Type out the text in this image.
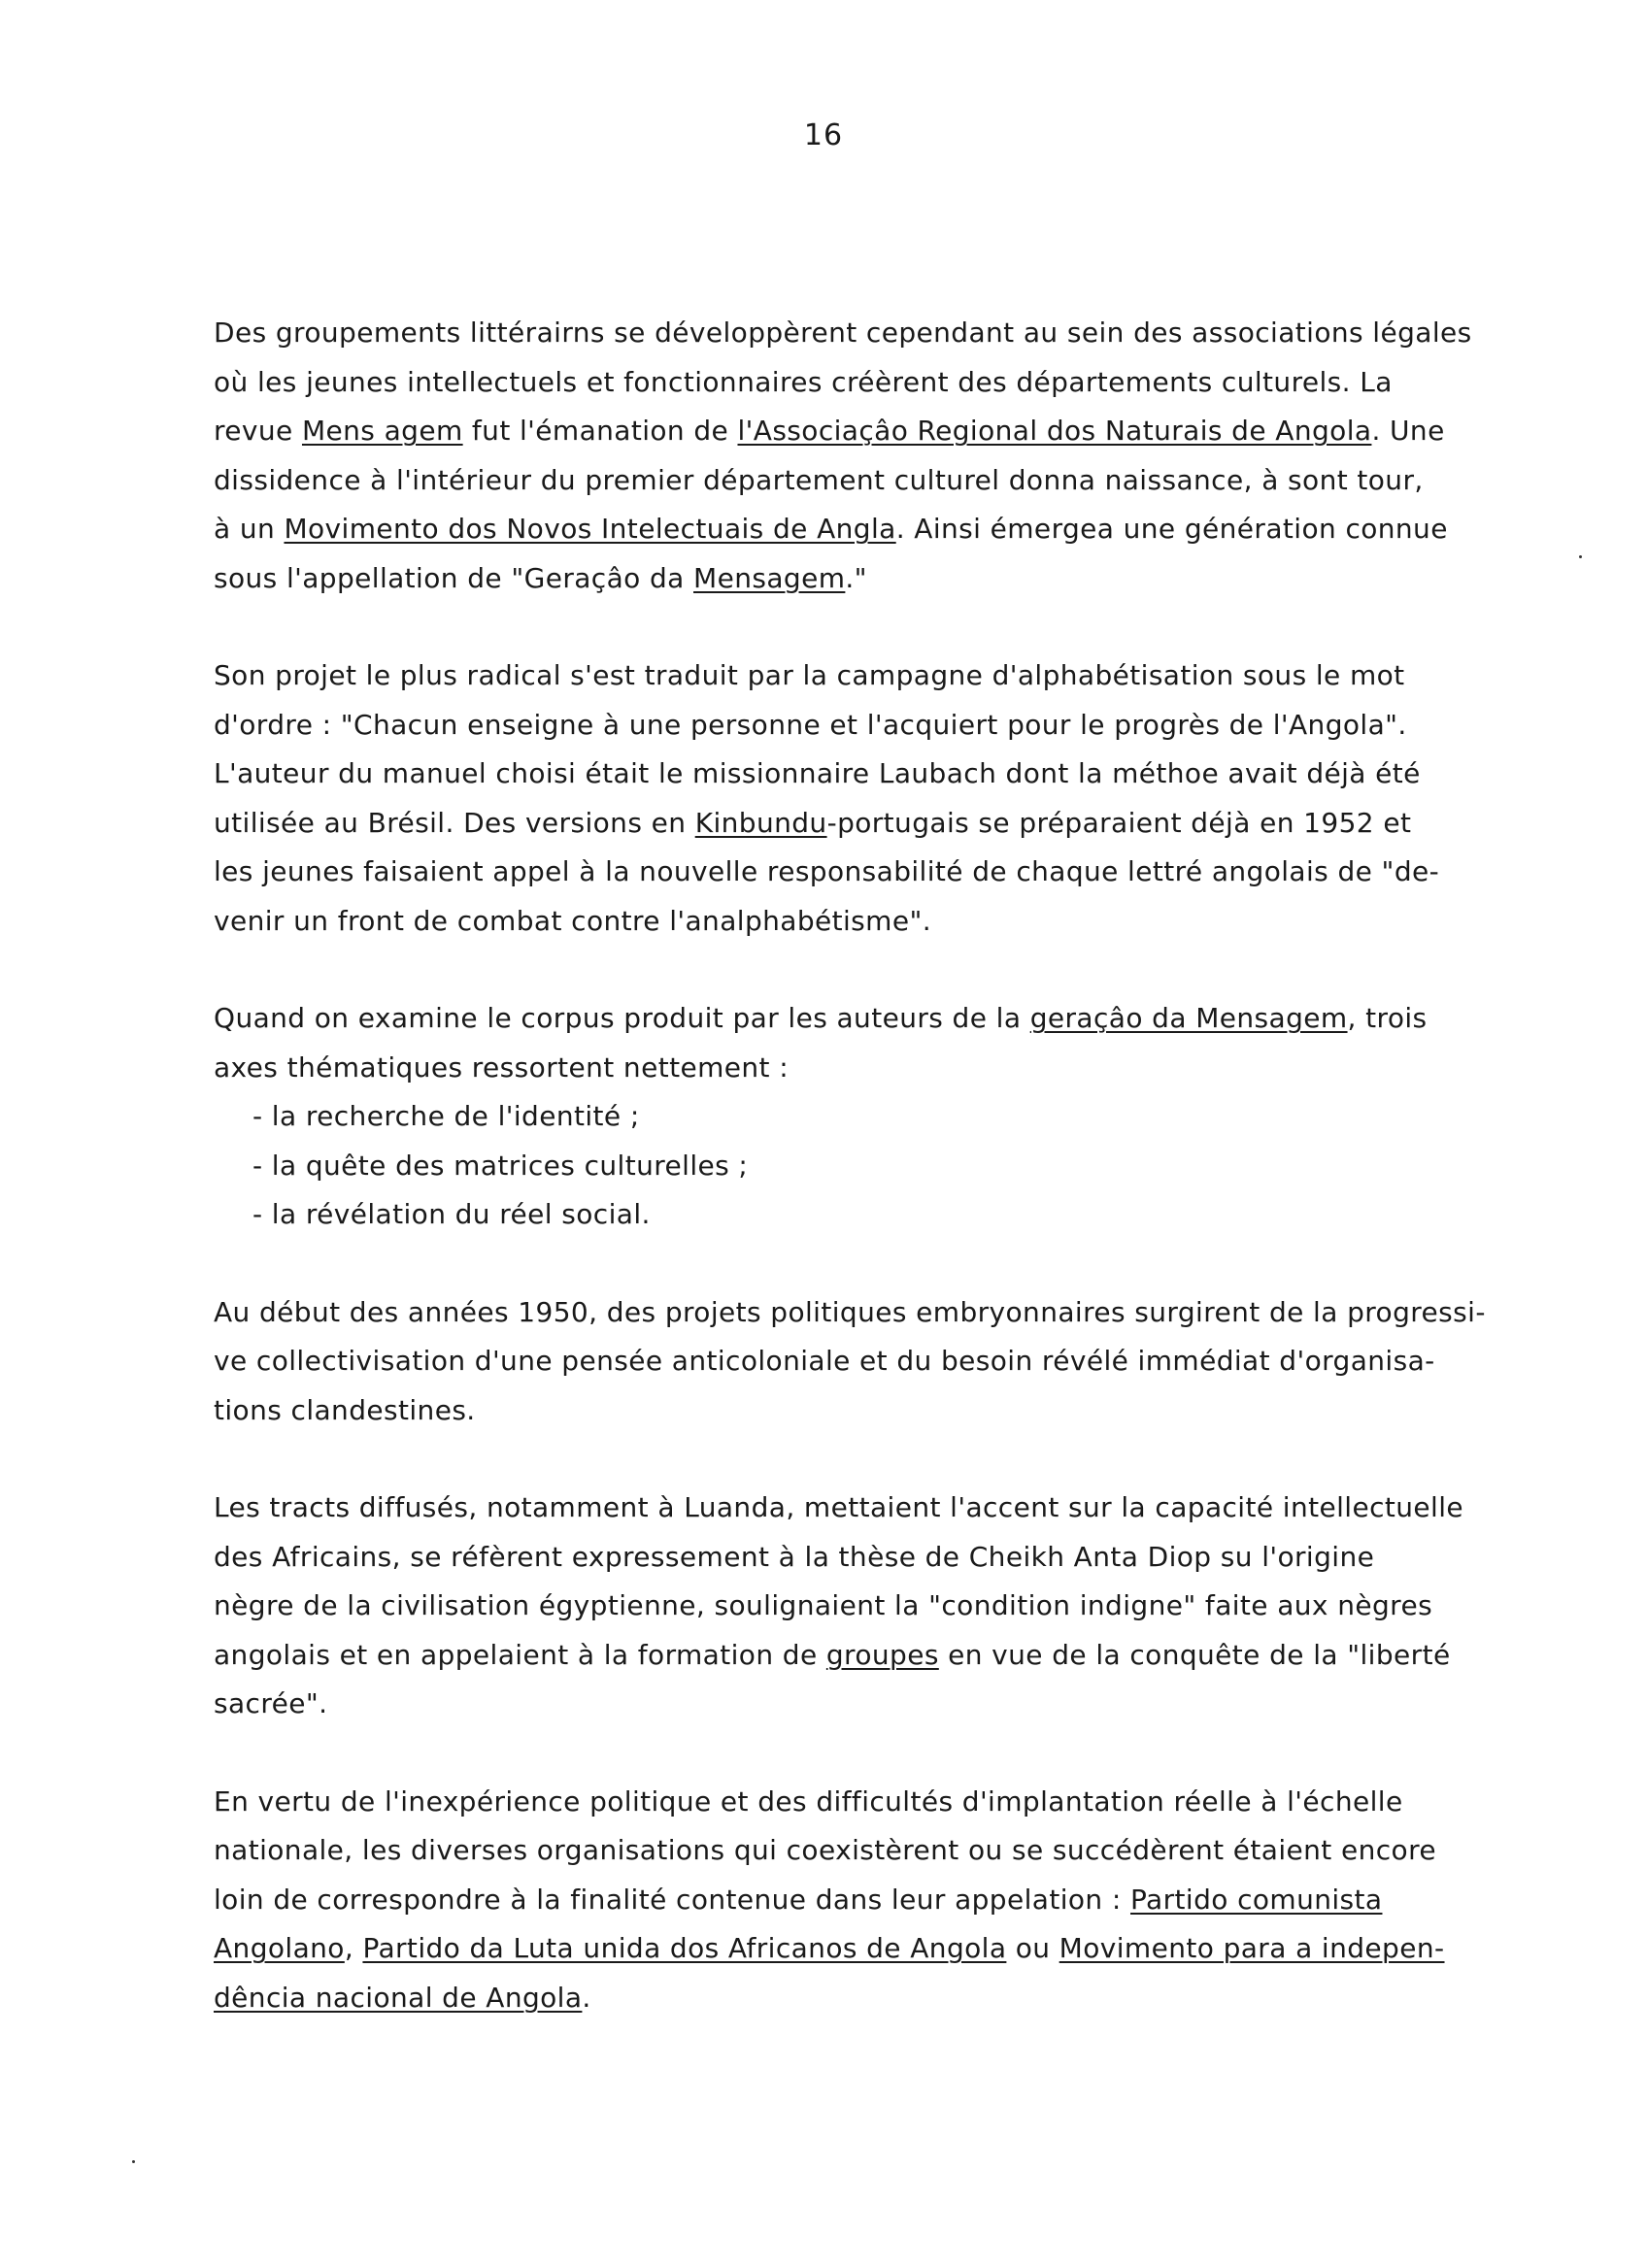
16
Des groupements littérairns se développèrent cependant au sein des associations légales
où les jeunes intellectuels et fonctionnaires créèrent des départements culturels. La
revue Mens agem fut l'émanation de l'Associaçâo Regional dos Naturais de Angola. Une
dissidence à l'intérieur du premier département culturel donna naissance, à sont tour,
à un Movimento dos Novos Intelectuais de Angla. Ainsi émergea une génération connue
sous l'appellation de "Geraçâo da Mensagem."
Son projet le plus radical s'est traduit par la campagne d'alphabétisation sous le mot
d'ordre : "Chacun enseigne à une personne et l'acquiert pour le progrès de l'Angola".
L'auteur du manuel choisi était le missionnaire Laubach dont la méthoe avait déjà été
utilisée au Brésil. Des versions en Kinbundu-portugais se préparaient déjà en 1952 et
les jeunes faisaient appel à la nouvelle responsabilité de chaque lettré angolais de "de-
venir un front de combat contre l'analphabétisme".
Quand on examine le corpus produit par les auteurs de la geraçâo da Mensagem, trois
axes thématiques ressortent nettement :
- la recherche de l'identité ;
- la quête des matrices culturelles ;
- la révélation du réel social.
Au début des années 1950, des projets politiques embryonnaires surgirent de la progressi-
ve collectivisation d'une pensée anticoloniale et du besoin révélé immédiat d'organisa-
tions clandestines.
Les tracts diffusés, notamment à Luanda, mettaient l'accent sur la capacité intellectuelle
des Africains, se réfèrent expressement à la thèse de Cheikh Anta Diop su l'origine
nègre de la civilisation égyptienne, soulignaient la "condition indigne" faite aux nègres
angolais et en appelaient à la formation de groupes en vue de la conquête de la "liberté
sacrée".
En vertu de l'inexpérience politique et des difficultés d'implantation réelle à l'échelle
nationale, les diverses organisations qui coexistèrent ou se succédèrent étaient encore
loin de correspondre à la finalité contenue dans leur appelation : Partido comunista
Angolano, Partido da Luta unida dos Africanos de Angola ou Movimento para a indepen-
dência nacional de Angola.
